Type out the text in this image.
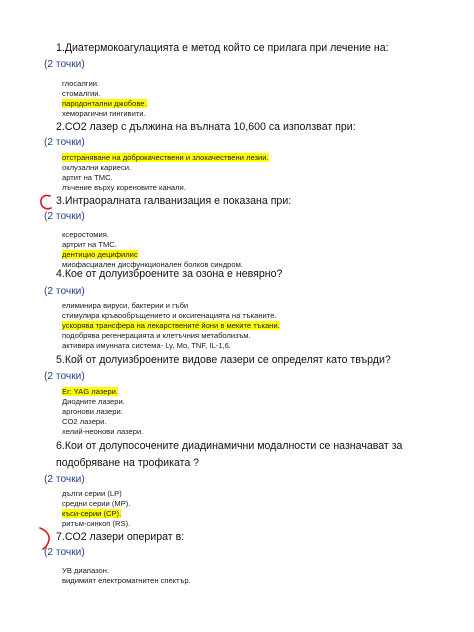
1.Диатермокоагулацията е метод който се прилага при лечение на:
(2 точки)
глосалгии.
стомалгии.
пародонтални джобове.
хеморагични гингивити.
2.CO2 лазер с дължина на вълната 10,600 са използват при:
(2 точки)
отстраняване на доброкачествени и злокачествени лезии.
оклузални кариеси.
артит на TMC.
лъчение върху кореновите канали.
3.Интраоралната галванизация е показана при:
(2 точки)
ксеростомия.
артрит на TMC.
дентицио децифилис
миофасциален дисфункционален болков синдром.
4.Кое от долуизброените за озона е невярно?
(2 точки)
елиминира вируси, бактерии и гъби
стимулира кръвообръщението и оксигенацията на тъканите.
ускорява трансфера на лекарствените йони в меките тъкани.
подобрява регенерацията и клетъчния метаболизъм.
активира имунната система- Ly, Mo, TNF, IL-1,6.
5.Кой от долуизброените видове лазери се определят като твърди?
(2 точки)
Er: YAG лазери.
Диодните лазери.
аргонови лазери.
CO2 лазери.
хелий-неонови лазери.
6.Кои от долупосочените диадинамични модалности се назначават за
подобряване на трофиката ?
(2 точки)
дълги серии (LP)
средни серии (MP).
къси-серии (CP).
ритъм-синкоп (RS).
7.CO2 лазери оперират в:
(2 точки)
УВ диапазон.
видимият електромагнитен спектър.
